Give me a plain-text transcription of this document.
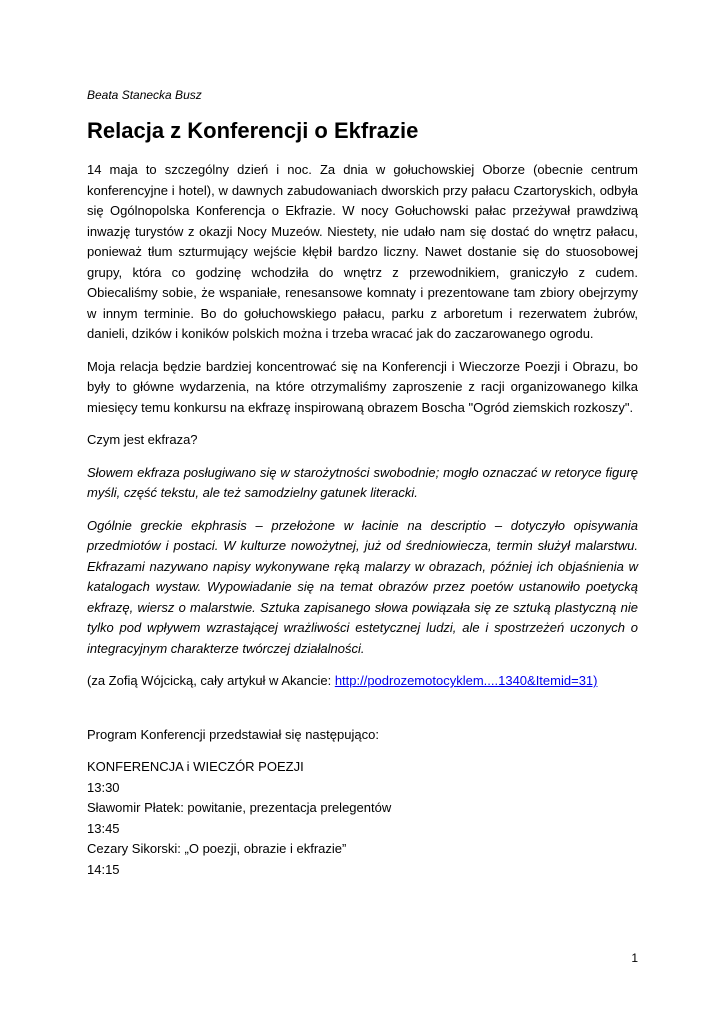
Beata Stanecka Busz
Relacja z Konferencji o Ekfrazie

14 maja to szczególny dzień i noc. Za dnia w gołuchowskiej Oborze (obecnie centrum konferencyjne i hotel), w dawnych zabudowaniach dworskich przy pałacu Czartoryskich, odbyła się Ogólnopolska Konferencja o Ekfrazie. W nocy Gołuchowski pałac przeżywał prawdziwą inwazję turystów z okazji Nocy Muzeów. Niestety, nie udało nam się dostać do wnętrz pałacu, ponieważ tłum szturmujący wejście kłębił bardzo liczny. Nawet dostanie się do stuosobowej grupy, która co godzinę wchodziła do wnętrz z przewodnikiem, graniczyło z cudem. Obiecaliśmy sobie, że wspaniałe, renesansowe komnaty i prezentowane tam zbiory obejrzymy w innym terminie. Bo do gołuchowskiego pałacu, parku z arboretum i rezerwatem żubrów, danieli, dzików i koników polskich można i trzeba wracać jak do zaczarowanego ogrodu.

Moja relacja będzie bardziej koncentrować się na Konferencji i Wieczorze Poezji i Obrazu, bo były to główne wydarzenia, na które otrzymaliśmy zaproszenie z racji organizowanego kilka miesięcy temu konkursu na ekfrazę inspirowaną obrazem Boscha "Ogród ziemskich rozkoszy".

Czym jest ekfraza?

Słowem ekfraza posługiwano się w starożytności swobodnie; mogło oznaczać w retoryce figurę myśli, część tekstu, ale też samodzielny gatunek literacki.

Ogólnie greckie ekphrasis – przełożone w łacinie na descriptio – dotyczyło opisywania przedmiotów i postaci. W kulturze nowożytnej, już od średniowiecza, termin służył malarstwu. Ekfrazami nazywano napisy wykonywane ręką malarzy w obrazach, później ich objaśnienia w katalogach wystaw. Wypowiadanie się na temat obrazów przez poetów ustanowiło poetycką ekfrazę, wiersz o malarstwie. Sztuka zapisanego słowa powiązała się ze sztuką plastyczną nie tylko pod wpływem wzrastającej wrażliwości estetycznej ludzi, ale i spostrzeżeń uczonych o integracyjnym charakterze twórczej działalności.

(za Zofią Wójcicką, cały artykuł w Akancie: http://podrozemotocyklem....1340&Itemid=31)

Program Konferencji przedstawiał się następująco:

KONFERENCJA i WIECZÓR POEZJI
13:30
Sławomir Płatek: powitanie, prezentacja prelegentów
13:45
Cezary Sikorski: „O poezji, obrazie i ekfrazie”
14:15
1
